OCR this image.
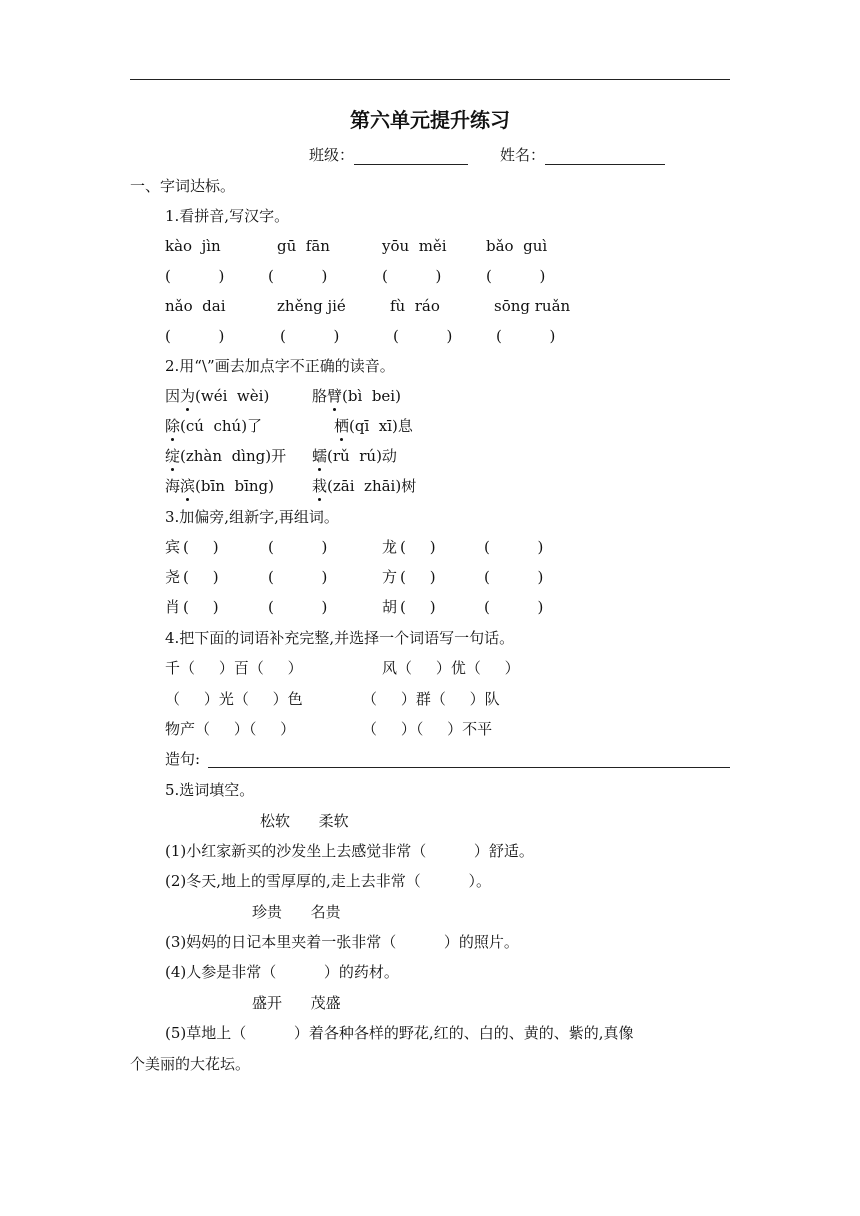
第六单元提升练习
班级：	姓名：
一、字词达标。
1.看拼音,写汉字。
kào  jìn	gū  fān	yōu  měi	bǎo  guì
(          )	(          )	(          )	(          )
nǎo  dai	zhěng jié	fù  ráo	sōng ruǎn
(          )	(          )	(          )	(          )
2.用“\”画去加点字不正确的读音。
因为(wéi  wèi)	胳臂(bì  bei)
除(cú  chú)了	栖(qī  xī)息
绽(zhàn  dìng)开 蠕(rǔ  rú)动
海滨(bīn  bīng)	栽(zāi  zhāi)树
3.加偏旁,组新字,再组词。
宾 (     )	(          )	龙 (     )	(          )
尧 (     )	(          )	方 (     )	(          )
肖 (     )	(          )	胡 (     )	(          )
4.把下面的词语补充完整,并选择一个词语写一句话。
千（     ）百（     ）	风（     ）优（     ）
（     ）光（     ）色	（     ）群（     ）队
物产（     ）（     ）	（     ）（     ）不平
造句:
5.选词填空。
松软      柔软
(1)小红家新买的沙发坐上去感觉非常（          ）舒适。
(2)冬天,地上的雪厚厚的,走上去非常（          ）。
珍贵      名贵
(3)妈妈的日记本里夹着一张非常（          ）的照片。
(4)人参是非常（          ）的药材。
盛开      茂盛
(5)草地上（          ）着各种各样的野花,红的、白的、黄的、紫的,真像
个美丽的大花坛。
